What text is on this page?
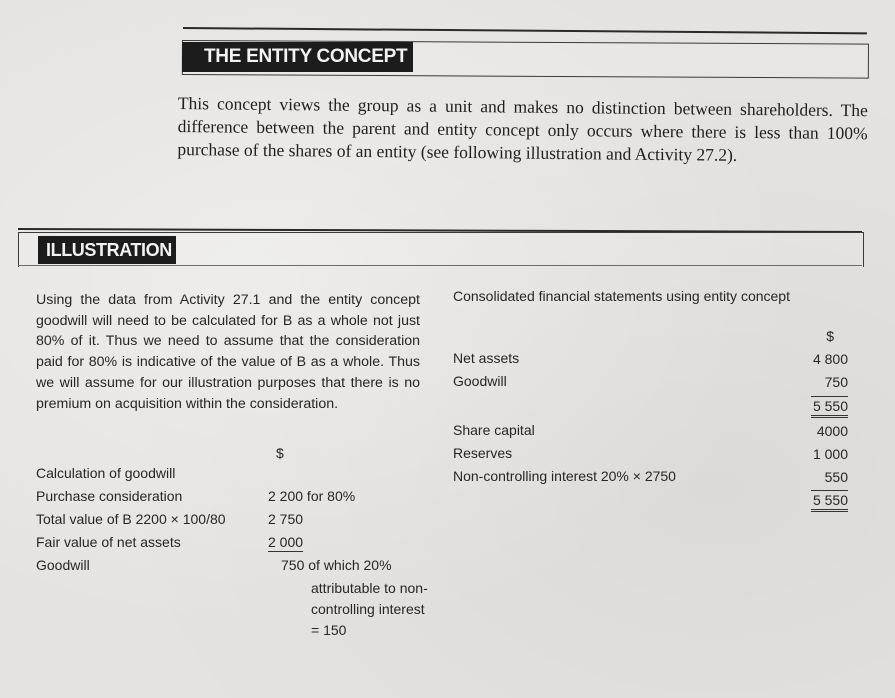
THE ENTITY CONCEPT
This concept views the group as a unit and makes no distinction between shareholders. The difference between the parent and entity concept only occurs where there is less than 100% purchase of the shares of an entity (see following illustration and Activity 27.2).
ILLUSTRATION
Using the data from Activity 27.1 and the entity concept goodwill will need to be calculated for B as a whole not just 80% of it. Thus we need to assume that the consideration paid for 80% is indicative of the value of B as a whole. Thus we will assume for our illustration purposes that there is no premium on acquisition within the consideration.
$
Calculation of goodwill
Purchase consideration	2 200 for 80%
Total value of B 2200 × 100/80	2 750
Fair value of net assets	2 000
Goodwill	750 of which 20%
attributable to non-controlling interest = 150
Consolidated financial statements using entity concept
$
Net assets	4 800
Goodwill	750
5 550
Share capital	4000
Reserves	1 000
Non-controlling interest 20% × 2750	550
5 550
